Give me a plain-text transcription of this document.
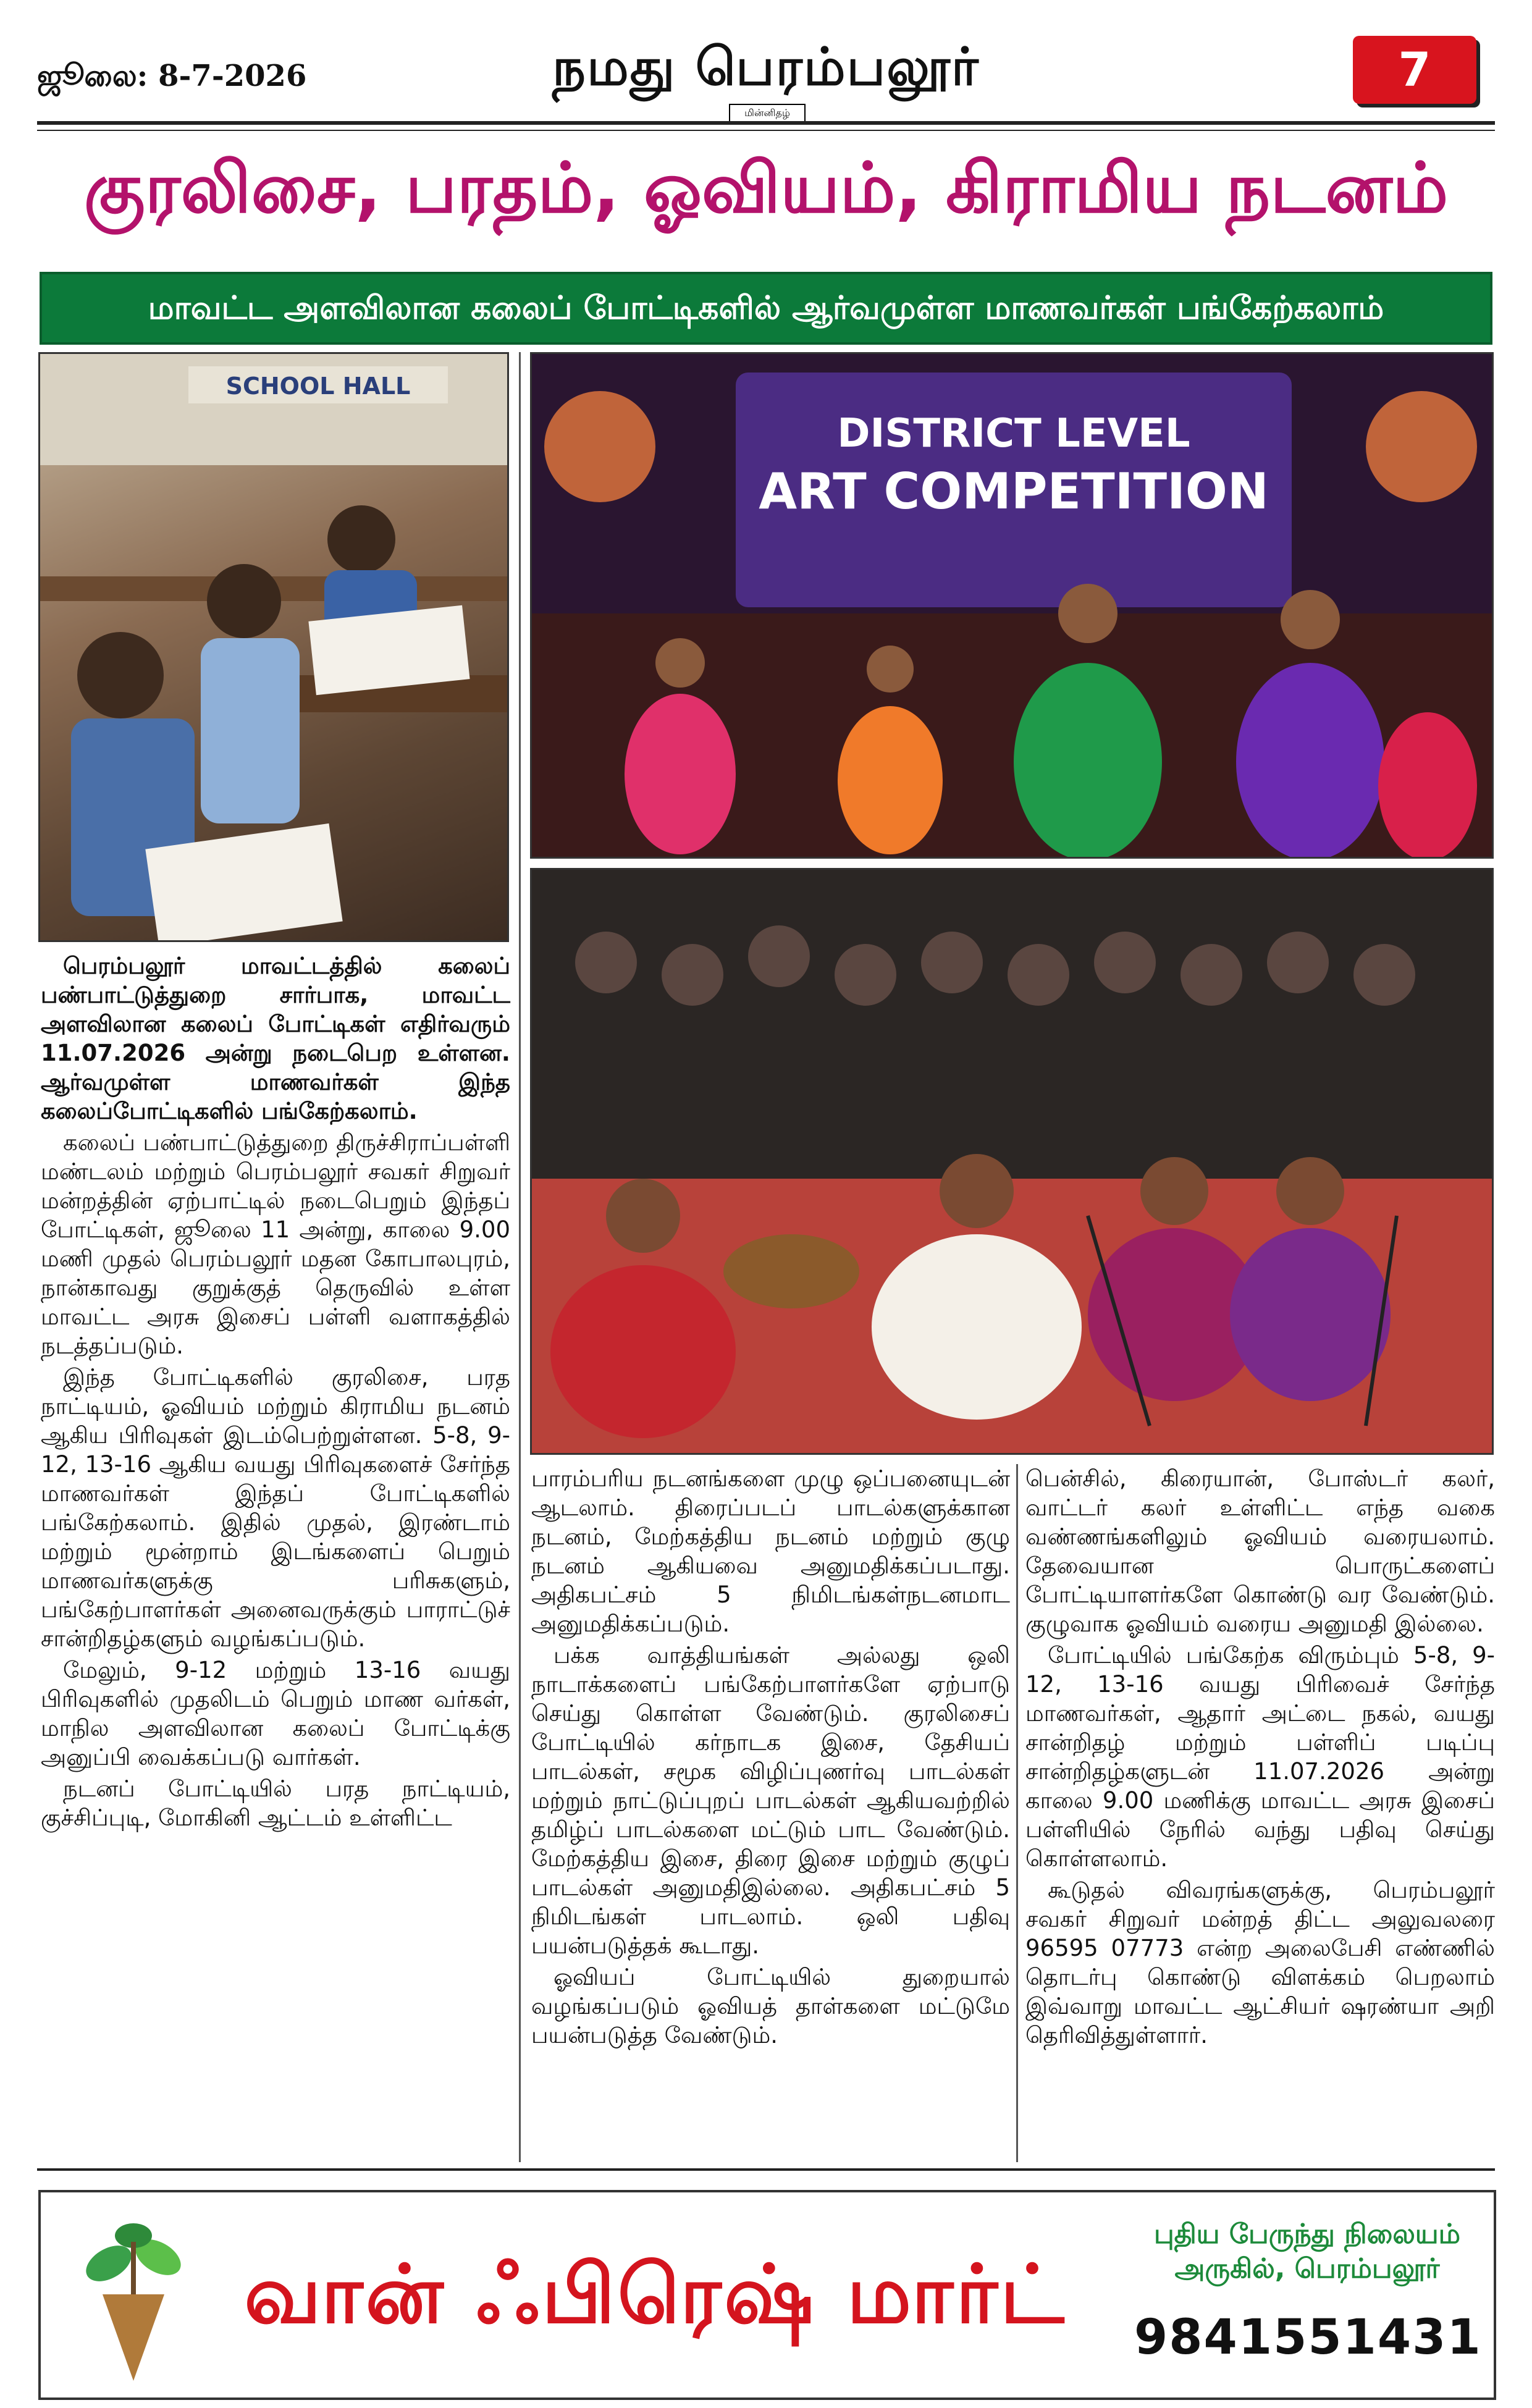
ஜூலை: 8-7-2026	நமது பெரம்பலூர்
மின்னிதழ்
7
குரலிசை, பரதம், ஓவியம், கிராமிய நடனம்
மாவட்ட அளவிலான கலைப் போட்டிகளில் ஆர்வமுள்ள மாணவர்கள் பங்கேற்கலாம்
SCHOOL HALL
DISTRICT LEVEL
ART COMPETITION

பெரம்பலூர் மாவட்டத்தில் கலைப் பண்பாட்டுத்துறை சார்பாக, மாவட்ட அளவிலான கலைப் போட்டிகள் எதிர்வரும் 11.07.2026 அன்று நடைபெற உள்ளன. ஆர்வமுள்ள மாணவர்கள் இந்த கலைப்போட்டிகளில் பங்கேற்கலாம்.

கலைப் பண்பாட்டுத்துறை திருச்சிராப்பள்ளி மண்டலம் மற்றும் பெரம்பலூர் சவகர் சிறுவர் மன்றத்தின் ஏற்பாட்டில் நடைபெறும் இந்தப் போட்டிகள், ஜூலை 11 அன்று, காலை 9.00 மணி முதல் பெரம்பலூர் மதன கோபாலபுரம், நான்காவது குறுக்குத் தெருவில் உள்ள மாவட்ட அரசு இசைப் பள்ளி வளாகத்தில் நடத்தப்படும்.

இந்த போட்டிகளில் குரலிசை, பரத நாட்டியம், ஓவியம் மற்றும் கிராமிய நடனம் ஆகிய பிரிவுகள் இடம்பெற்றுள்ளன. 5-8, 9-12, 13-16 ஆகிய வயது பிரிவுகளைச் சேர்ந்த மாணவர்கள் இந்தப் போட்டிகளில் பங்கேற்கலாம். இதில் முதல், இரண்டாம் மற்றும் மூன்றாம் இடங்களைப் பெறும் மாணவர்களுக்கு பரிசுகளும், பங்கேற்பாளர்கள் அனைவருக்கும் பாராட்டுச் சான்றிதழ்களும் வழங்கப்படும்.

மேலும், 9-12 மற்றும் 13-16 வயது பிரிவுகளில் முதலிடம் பெறும் மாண வர்கள், மாநில அளவிலான கலைப் போட்டிக்கு அனுப்பி வைக்கப்படு வார்கள்.

நடனப் போட்டியில் பரத நாட்டியம், குச்சிப்புடி, மோகினி ஆட்டம் உள்ளிட்ட

பாரம்பரிய நடனங்களை முழு ஒப்பனையுடன் ஆடலாம். திரைப்படப் பாடல்களுக்கான நடனம், மேற்கத்திய நடனம் மற்றும் குழு நடனம் ஆகியவை அனுமதிக்கப்படாது. அதிகபட்சம் 5 நிமிடங்கள்நடனமாட அனுமதிக்கப்படும்.

பக்க வாத்தியங்கள் அல்லது ஒலி நாடாக்களைப் பங்கேற்பாளர்களே ஏற்பாடு செய்து கொள்ள வேண்டும். குரலிசைப் போட்டியில் கர்நாடக இசை, தேசியப் பாடல்கள், சமூக விழிப்புணர்வு பாடல்கள் மற்றும் நாட்டுப்புறப் பாடல்கள் ஆகியவற்றில் தமிழ்ப் பாடல்களை மட்டும் பாட வேண்டும். மேற்கத்திய இசை, திரை இசை மற்றும் குழுப் பாடல்கள் அனுமதிஇல்லை. அதிகபட்சம் 5 நிமிடங்கள் பாடலாம். ஒலி பதிவு பயன்படுத்தக் கூடாது.

ஓவியப் போட்டியில் துறையால் வழங்கப்படும் ஓவியத் தாள்களை மட்டுமே பயன்படுத்த வேண்டும்.

பென்சில், கிரையான், போஸ்டர் கலர், வாட்டர் கலர் உள்ளிட்ட எந்த வகை வண்ணங்களிலும் ஓவியம் வரையலாம். தேவையான பொருட்களைப் போட்டியாளர்களே கொண்டு வர வேண்டும். குழுவாக ஓவியம் வரைய அனுமதி இல்லை.

போட்டியில் பங்கேற்க விரும்பும் 5-8, 9-12, 13-16 வயது பிரிவைச் சேர்ந்த மாணவர்கள், ஆதார் அட்டை நகல், வயது சான்றிதழ் மற்றும் பள்ளிப் படிப்பு சான்றிதழ்களுடன் 11.07.2026 அன்று காலை 9.00 மணிக்கு மாவட்ட அரசு இசைப் பள்ளியில் நேரில் வந்து பதிவு செய்து கொள்ளலாம்.

கூடுதல் விவரங்களுக்கு, பெரம்பலூர் சவகர் சிறுவர் மன்றத் திட்ட அலுவலரை 96595 07773 என்ற அலைபேசி எண்ணில் தொடர்பு கொண்டு விளக்கம் பெறலாம் இவ்வாறு மாவட்ட ஆட்சியர் ஷரண்யா அறி தெரிவித்துள்ளார்.

வான் ஃபிரெஷ் மார்ட்
புதிய பேருந்து நிலையம்
அருகில், பெரம்பலூர்
9841551431
